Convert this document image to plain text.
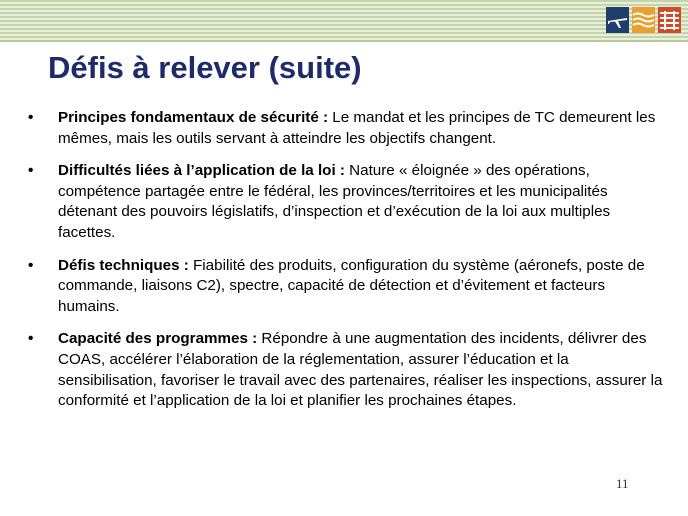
Défis à relever (suite)
• Principes fondamentaux de sécurité : Le mandat et les principes de TC demeurent les mêmes, mais les outils servant à atteindre les objectifs changent.
• Difficultés liées à l’application de la loi : Nature « éloignée » des opérations, compétence partagée entre le fédéral, les provinces/territoires et les municipalités détenant des pouvoirs législatifs, d’inspection et d’exécution de la loi aux multiples facettes.
• Défis techniques : Fiabilité des produits, configuration du système (aéronefs, poste de commande, liaisons C2), spectre, capacité de détection et d’évitement et facteurs humains.
• Capacité des programmes : Répondre à une augmentation des incidents, délivrer des COAS, accélérer l’élaboration de la réglementation, assurer l’éducation et la sensibilisation, favoriser le travail avec des partenaires, réaliser les inspections, assurer la conformité et l’application de la loi et planifier les prochaines étapes.
11
